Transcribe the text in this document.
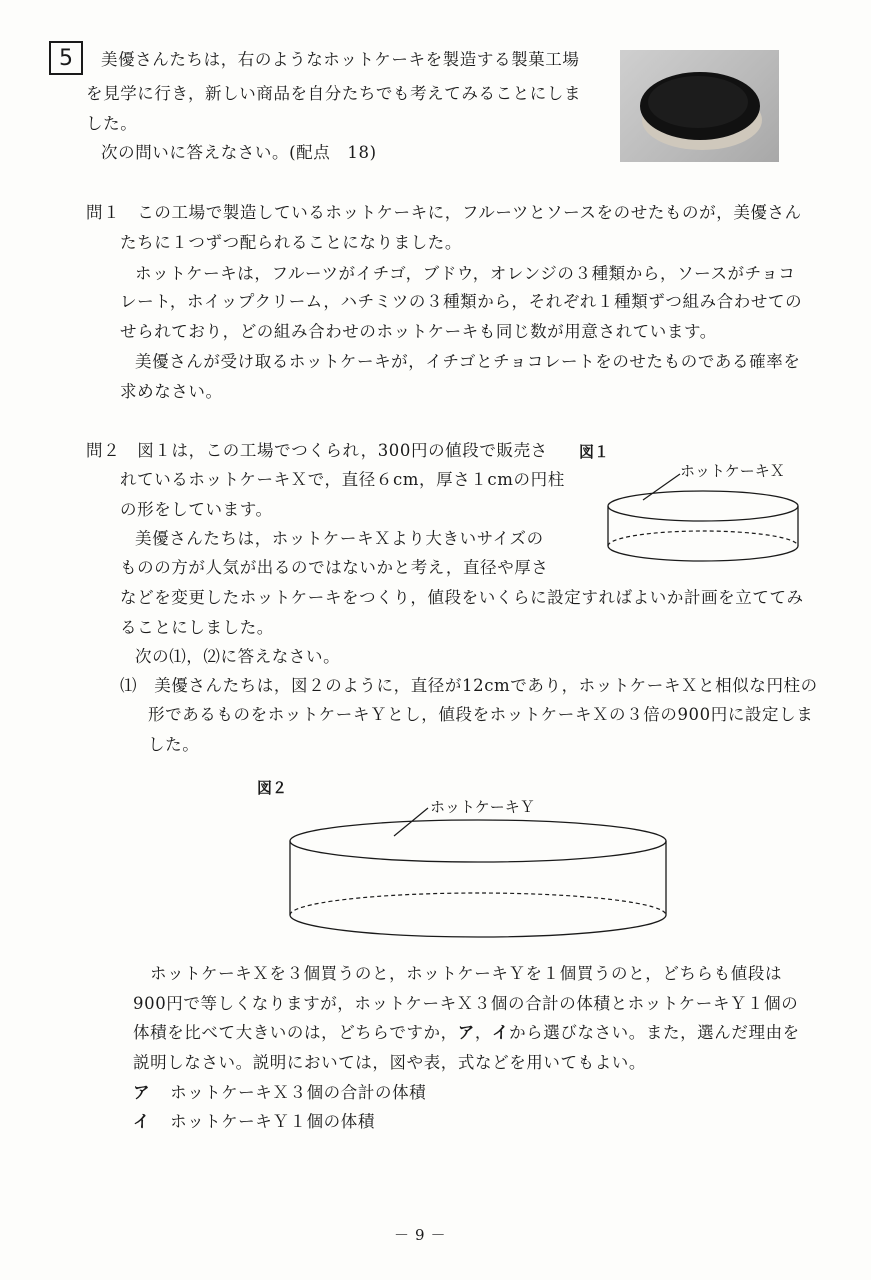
5 美優さんたちは，右のようなホットケーキを製造する製菓工場
を見学に行き，新しい商品を自分たちでも考えてみることにしま
した。
次の問いに答えなさい。(配点　18)
問１　この工場で製造しているホットケーキに，フルーツとソースをのせたものが，美優さん
たちに１つずつ配られることになりました。
ホットケーキは，フルーツがイチゴ，ブドウ，オレンジの３種類から，ソースがチョコ
レート，ホイップクリーム，ハチミツの３種類から，それぞれ１種類ずつ組み合わせての
せられており，どの組み合わせのホットケーキも同じ数が用意されています。
美優さんが受け取るホットケーキが，イチゴとチョコレートをのせたものである確率を
求めなさい。
問２　図１は，この工場でつくられ，300円の値段で販売さ
れているホットケーキＸで，直径６cm，厚さ１cmの円柱
の形をしています。
美優さんたちは，ホットケーキＸより大きいサイズの
ものの方が人気が出るのではないかと考え，直径や厚さ
などを変更したホットケーキをつくり，値段をいくらに設定すればよいか計画を立ててみ
ることにしました。
次の⑴，⑵に答えなさい。
⑴　美優さんたちは，図２のように，直径が12cmであり，ホットケーキＸと相似な円柱の
形であるものをホットケーキＹとし，値段をホットケーキＸの３倍の900円に設定しま
した。
図１
ホットケーキＸ
図２
ホットケーキＹ
ホットケーキＸを３個買うのと，ホットケーキＹを１個買うのと，どちらも値段は
900円で等しくなりますが，ホットケーキＸ３個の合計の体積とホットケーキＹ１個の
体積を比べて大きいのは，どちらですか，ア，イから選びなさい。また，選んだ理由を
説明しなさい。説明においては，図や表，式などを用いてもよい。
ア ホットケーキＸ３個の合計の体積
イ ホットケーキＹ１個の体積
－ 9 －
